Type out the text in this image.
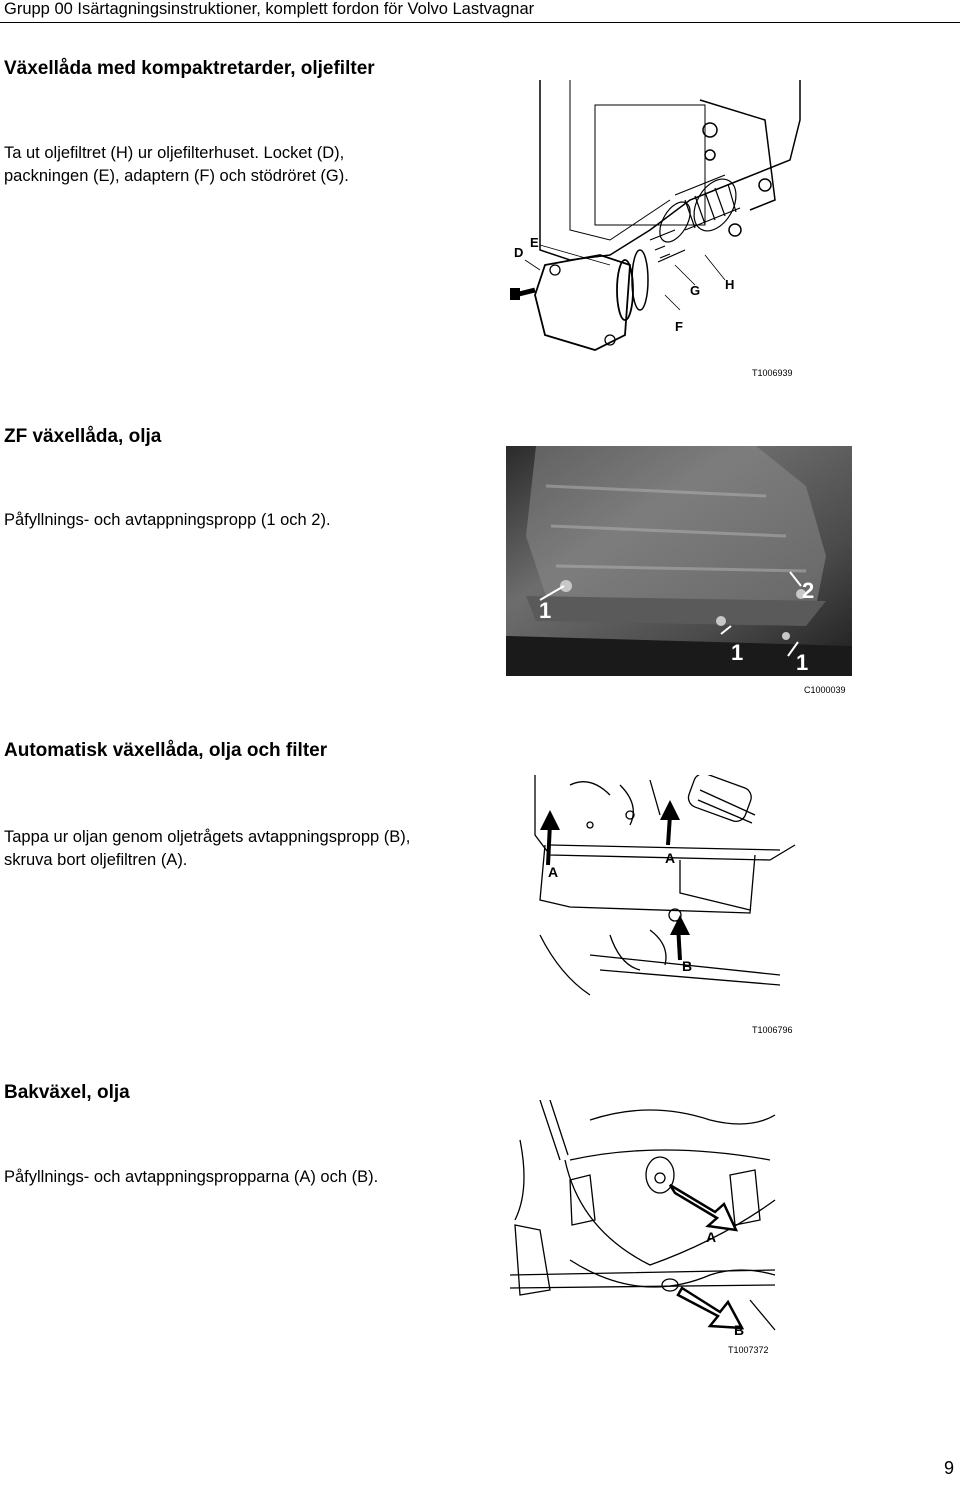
Grupp 00 Isärtagningsinstruktioner, komplett fordon för Volvo Lastvagnar
Växellåda med kompaktretarder, oljefilter
Ta ut oljefiltret (H) ur oljefilterhuset. Locket (D),
packningen (E), adaptern (F) och stödröret (G).
D
E
F
G H
T1006939
ZF växellåda, olja
Påfyllnings- och avtappningspropp (1 och 2).
1
2
1 1
C1000039
Automatisk växellåda, olja och filter
Tappa ur oljan genom oljetrågets avtappningspropp (B),
skruva bort oljefiltren (A).
A
A
B
T1006796
Bakväxel, olja
Påfyllnings- och avtappningspropparna (A) och (B).
A
B
T1007372
9
